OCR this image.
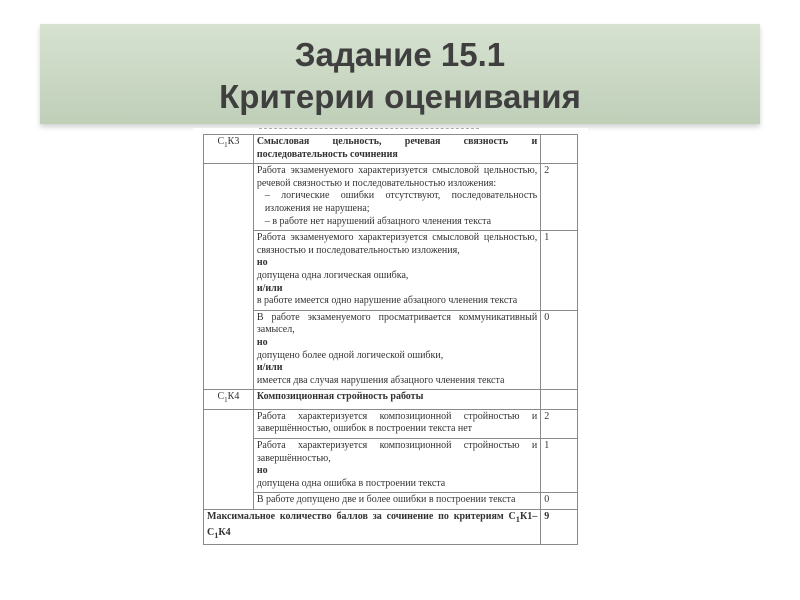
Задание 15.1
Критерии оценивания
$С_1К3$	Смысловая цельность, речевая связность и последовательность сочинения	

	Работа экзаменуемого характеризуется смысловой цельностью, речевой связностью и последовательностью изложения:
– логические ошибки отсутствуют, последовательность изложения не нарушена;
– в работе нет нарушений абзацного членения текста	2

	Работа экзаменуемого характеризуется смысловой цельностью, связностью и последовательностью изложения,
но
допущена одна логическая ошибка,
и/или
в работе имеется одно нарушение абзацного членения текста	1

	В работе экзаменуемого просматривается коммуникативный замысел,
но
допущено более одной логической ошибки,
и/или
имеется два случая нарушения абзацного членения текста	0
$С_1К4$	Композиционная стройность работы	

	Работа характеризуется композиционной стройностью и завершённостью, ошибок в построении текста нет	2

	Работа характеризуется композиционной стройностью и завершённостью,
но
допущена одна ошибка в построении текста	1

	В работе допущено две и более ошибки в построении текста	0
Максимальное количество баллов за сочинение по критериям $С_1К1-С_1К4$		9
